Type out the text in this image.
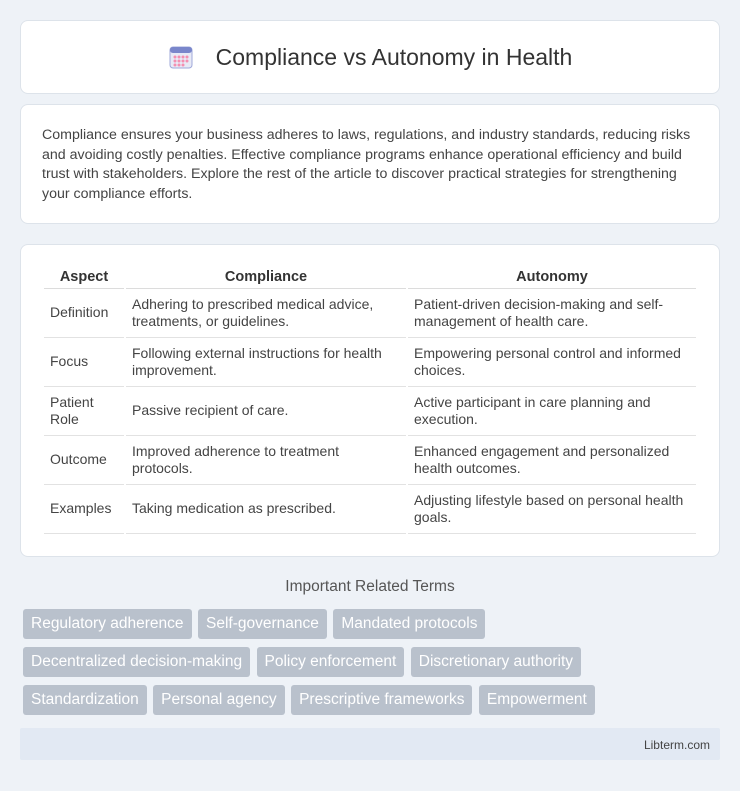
Compliance vs Autonomy in Health

Compliance ensures your business adheres to laws, regulations, and industry standards, reducing risks and avoiding costly penalties. Effective compliance programs enhance operational efficiency and build trust with stakeholders. Explore the rest of the article to discover practical strategies for strengthening your compliance efforts.

Aspect	Compliance	Autonomy
Definition	Adhering to prescribed medical advice, treatments, or guidelines.	Patient-driven decision-making and self-management of health care.
Focus	Following external instructions for health improvement.	Empowering personal control and informed choices.
Patient Role	Passive recipient of care.	Active participant in care planning and execution.
Outcome	Improved adherence to treatment protocols.	Enhanced engagement and personalized health outcomes.
Examples	Taking medication as prescribed.	Adjusting lifestyle based on personal health goals.
Important Related Terms
Regulatory adherence Self-governance Mandated protocols
Decentralized decision-making Policy enforcement Discretionary authority
Standardization Personal agency Prescriptive frameworks Empowerment
Libterm.com
